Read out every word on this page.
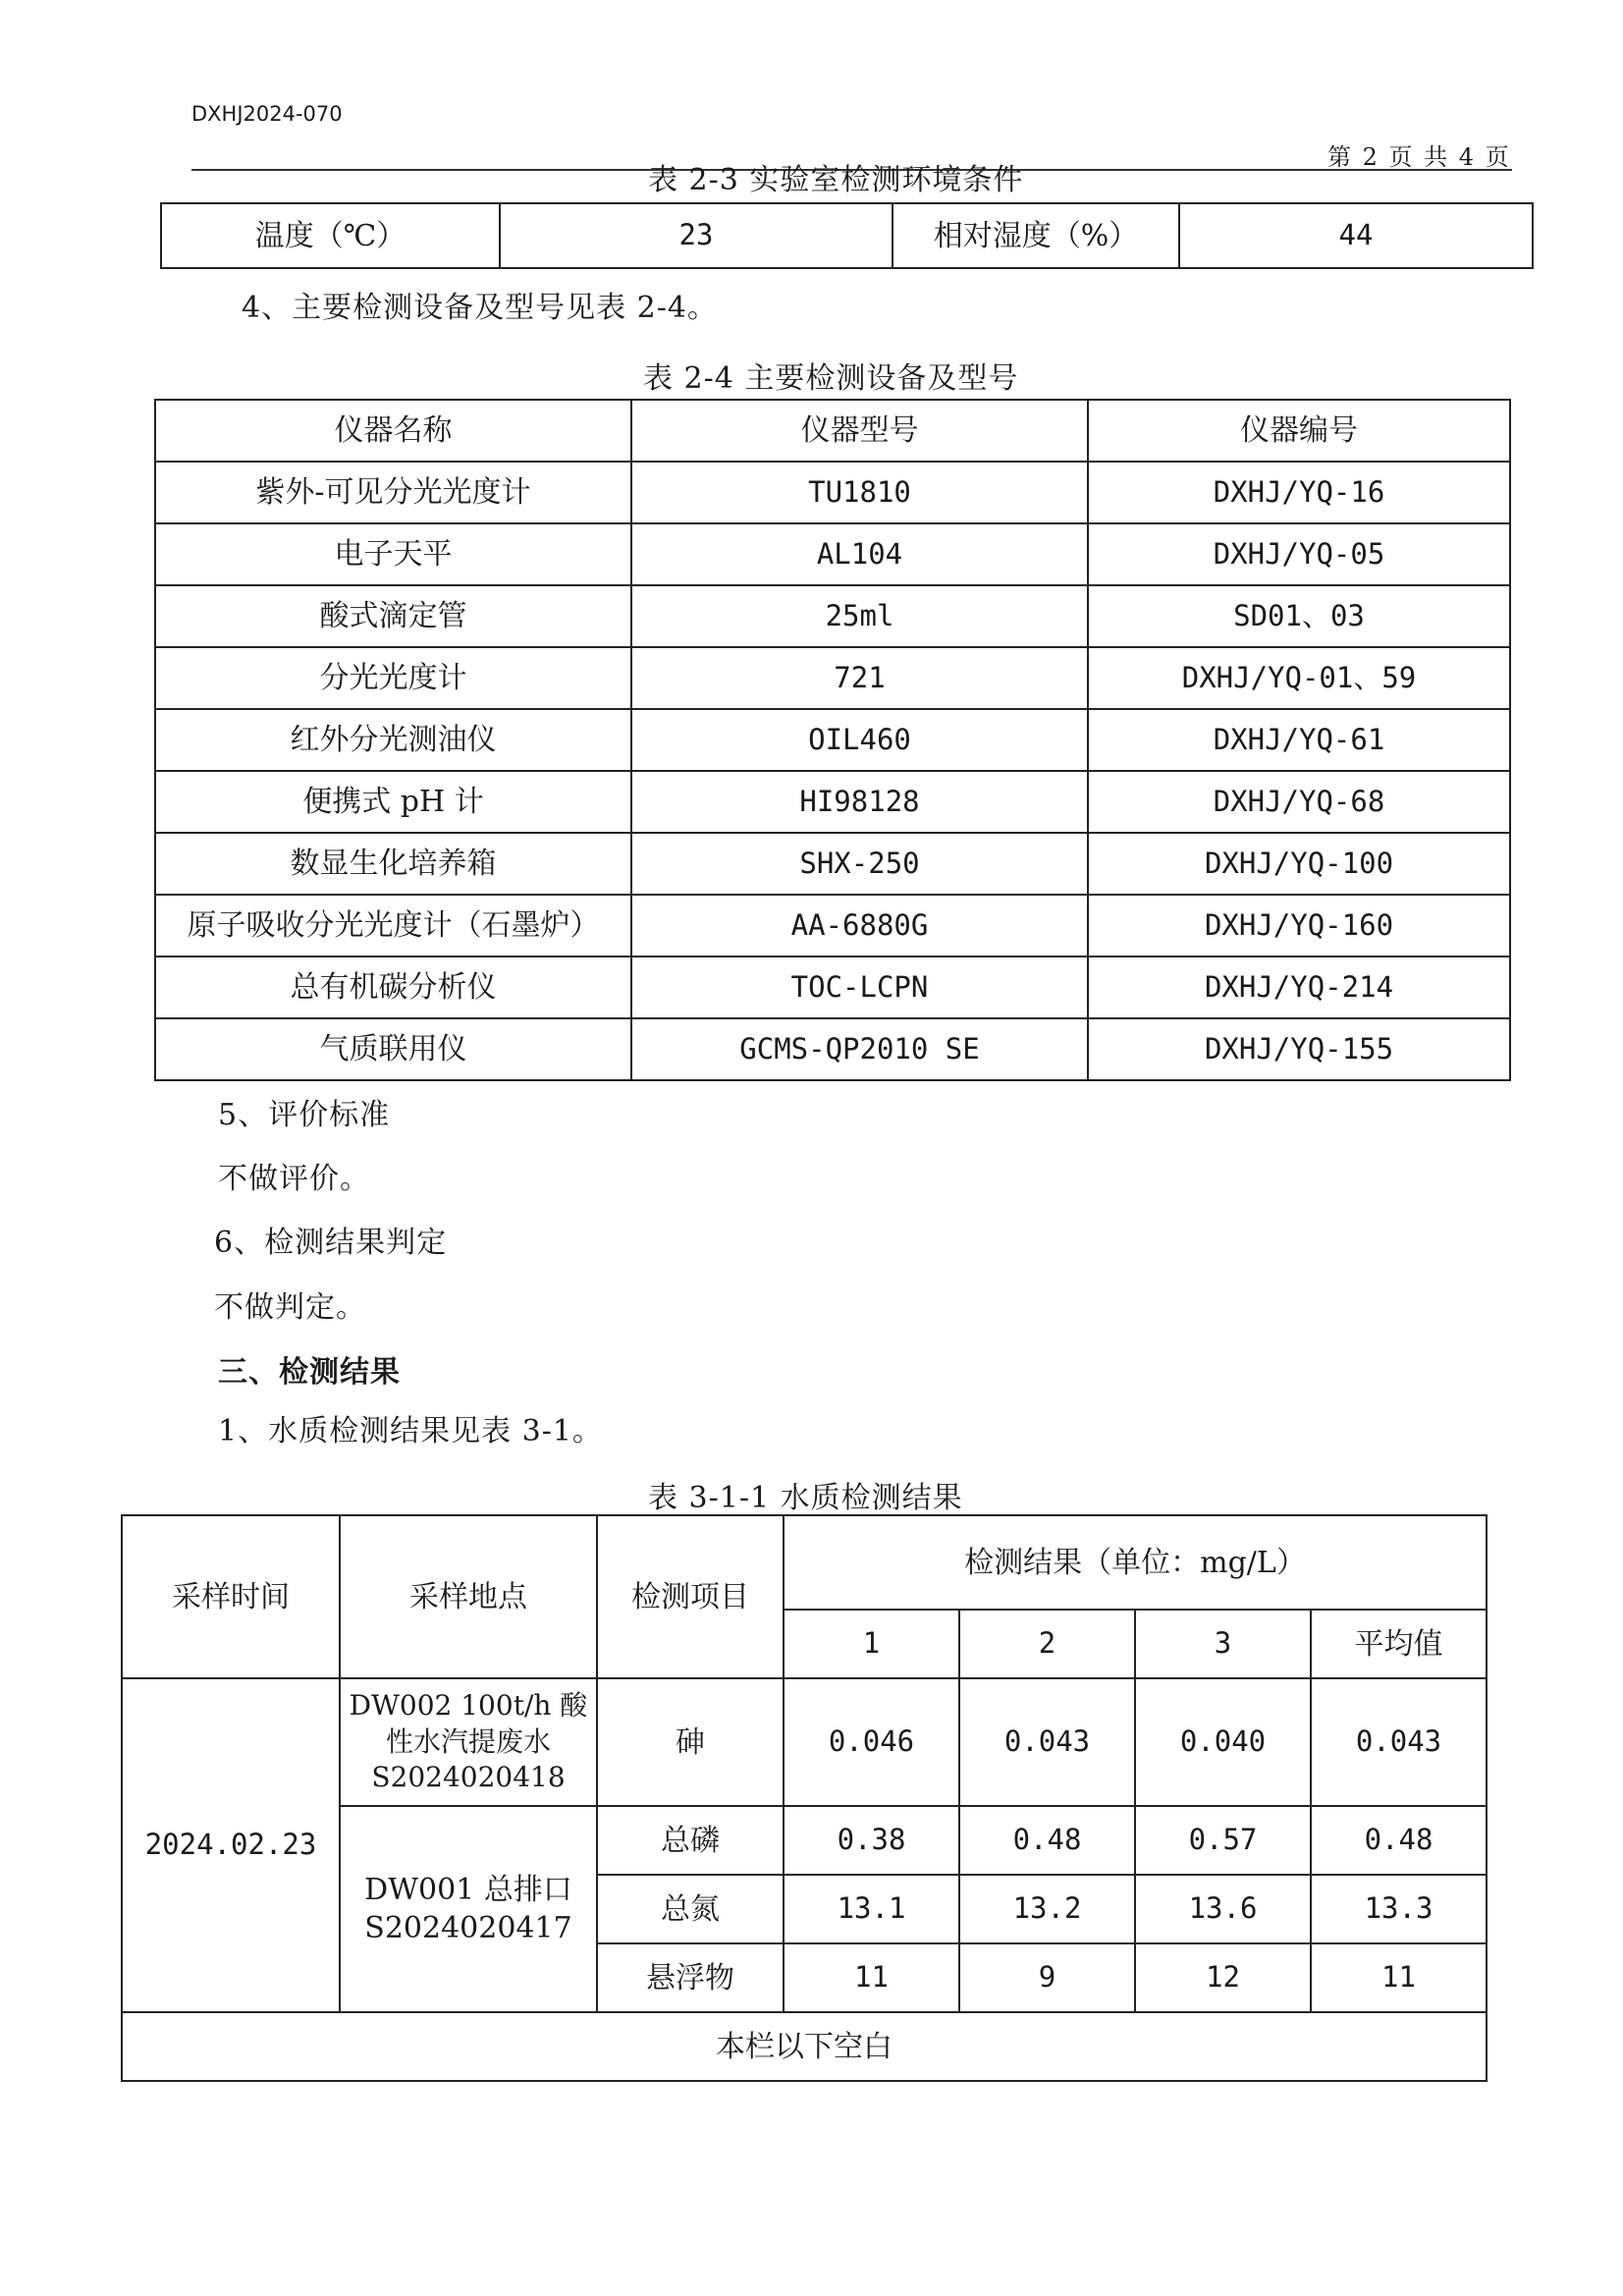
DXHJ2024-070
第 2 页 共 4 页
表 2-3 实验室检测环境条件
温度（℃）	23	相对湿度（%）	44
4、主要检测设备及型号见表 2-4。
表 2-4 主要检测设备及型号
仪器名称	仪器型号	仪器编号
紫外-可见分光光度计	TU1810	DXHJ/YQ-16
电子天平	AL104	DXHJ/YQ-05
酸式滴定管	25ml	SD01、03
分光光度计	721	DXHJ/YQ-01、59
红外分光测油仪	OIL460	DXHJ/YQ-61
便携式 pH 计	HI98128	DXHJ/YQ-68
数显生化培养箱	SHX-250	DXHJ/YQ-100
原子吸收分光光度计（石墨炉）	AA-6880G	DXHJ/YQ-160
总有机碳分析仪	TOC-LCPN	DXHJ/YQ-214
气质联用仪	GCMS-QP2010 SE	DXHJ/YQ-155
5、评价标准
不做评价。
6、检测结果判定
不做判定。
三、检测结果
1、水质检测结果见表 3-1。
表 3-1-1 水质检测结果
采样时间	采样地点	检测项目	检测结果（单位：mg/L）			
			1	2	3	平均值
2024.02.23	DW002 100t/h 酸
性水汽提废水
S2024020418	砷	0.046	0.043	0.040	0.043

	DW001 总排口
S2024020417	总磷	0.38	0.48	0.57	0.48
		总氮	13.1	13.2	13.6	13.3
		悬浮物	11	9	12	11
本栏以下空白						
